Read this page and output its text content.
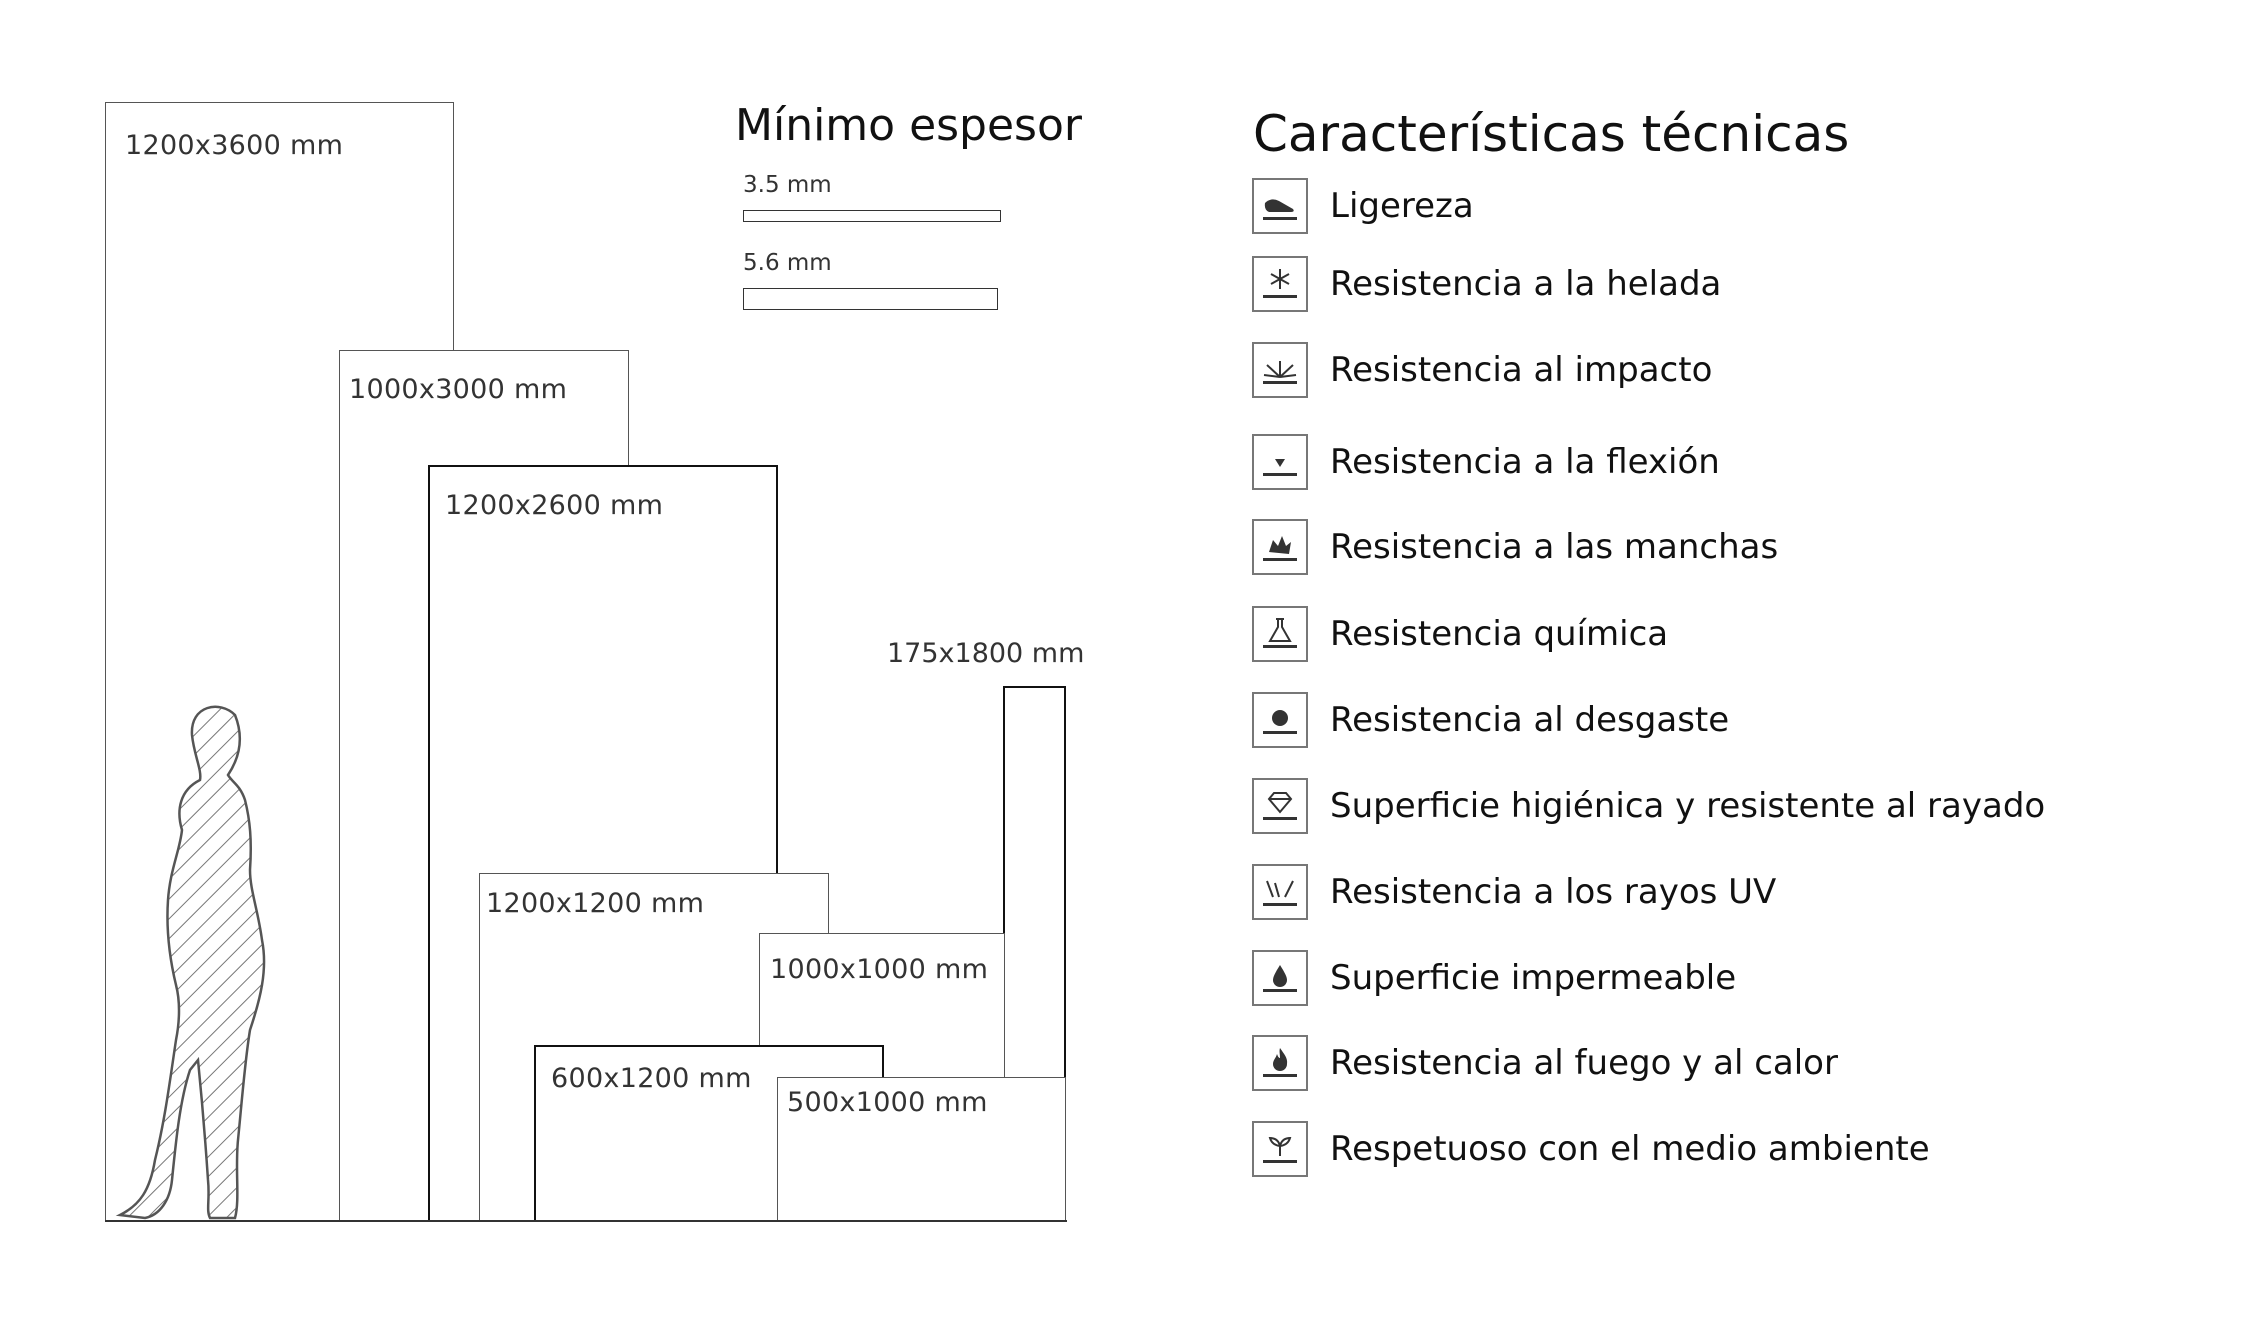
1200x3600 mm
1000x3000 mm
1200x2600 mm
175x1800 mm
1200x1200 mm
1000x1000 mm
600x1200 mm
500x1000 mm
Mínimo espesor
3.5 mm
5.6 mm
Características técnicas
Ligereza
Resistencia a la helada
Resistencia al impacto
Resistencia a la flexión
Resistencia a las manchas
Resistencia química
Resistencia al desgaste
Superficie higiénica y resistente al rayado
Resistencia a los rayos UV
Superficie impermeable
Resistencia al fuego y al calor
Respetuoso con el medio ambiente
